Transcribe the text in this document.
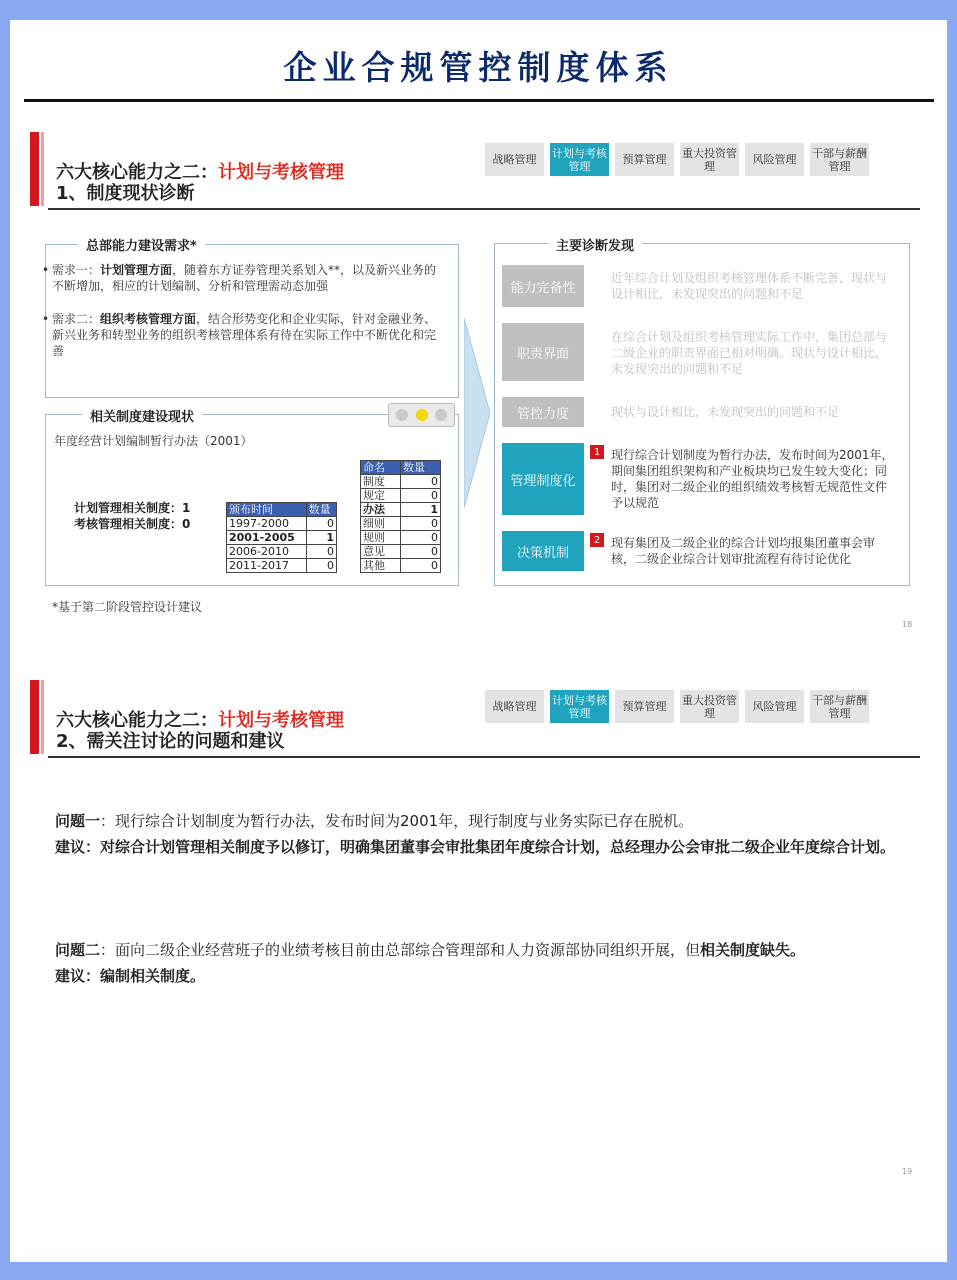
企业合规管控制度体系
六大核心能力之二：计划与考核管理
1、制度现状诊断
战略管理	计划与考核管理	预算管理	重大投资管理	风险管理	干部与薪酬管理
总部能力建设需求*
• 需求一：计划管理方面，随着东方证券管理关系划入**，以及新兴业务的不断增加，相应的计划编制、分析和管理需动态加强
• 需求二：组织考核管理方面，结合形势变化和企业实际，针对金融业务、新兴业务和转型业务的组织考核管理体系有待在实际工作中不断优化和完善
相关制度建设现状
年度经营计划编制暂行办法（2001）
计划管理相关制度：1
考核管理相关制度：0
颁布时间	数量
1997-2000	0
2001-2005	1
2006-2010	0
2011-2017	0
命名	数量
制度	0
规定	0
办法	1
细则	0
规则	0
意见	0
其他	0
主要诊断发现
能力完备性
近年综合计划及组织考核管理体系不断完善，现状与设计相比，未发现突出的问题和不足
职责界面
在综合计划及组织考核管理实际工作中，集团总部与二级企业的职责界面已相对明确。现状与设计相比，未发现突出的问题和不足
管控力度	现状与设计相比，未发现突出的问题和不足
管理制度化
1 现行综合计划制度为暂行办法，发布时间为2001年，期间集团组织架构和产业板块均已发生较大变化；同时，集团对二级企业的组织绩效考核暂无规范性文件予以规范
决策机制
2 现有集团及二级企业的综合计划均报集团董事会审核，二级企业综合计划审批流程有待讨论优化
*基于第二阶段管控设计建议
18
六大核心能力之二：计划与考核管理
2、需关注讨论的问题和建议
战略管理	计划与考核管理	预算管理	重大投资管理	风险管理	干部与薪酬管理
问题一：现行综合计划制度为暂行办法，发布时间为2001年，现行制度与业务实际已存在脱机。
建议：对综合计划管理相关制度予以修订，明确集团董事会审批集团年度综合计划，总经理办公会审批二级企业年度综合计划。
问题二：面向二级企业经营班子的业绩考核目前由总部综合管理部和人力资源部协同组织开展，但相关制度缺失。
建议：编制相关制度。
19
